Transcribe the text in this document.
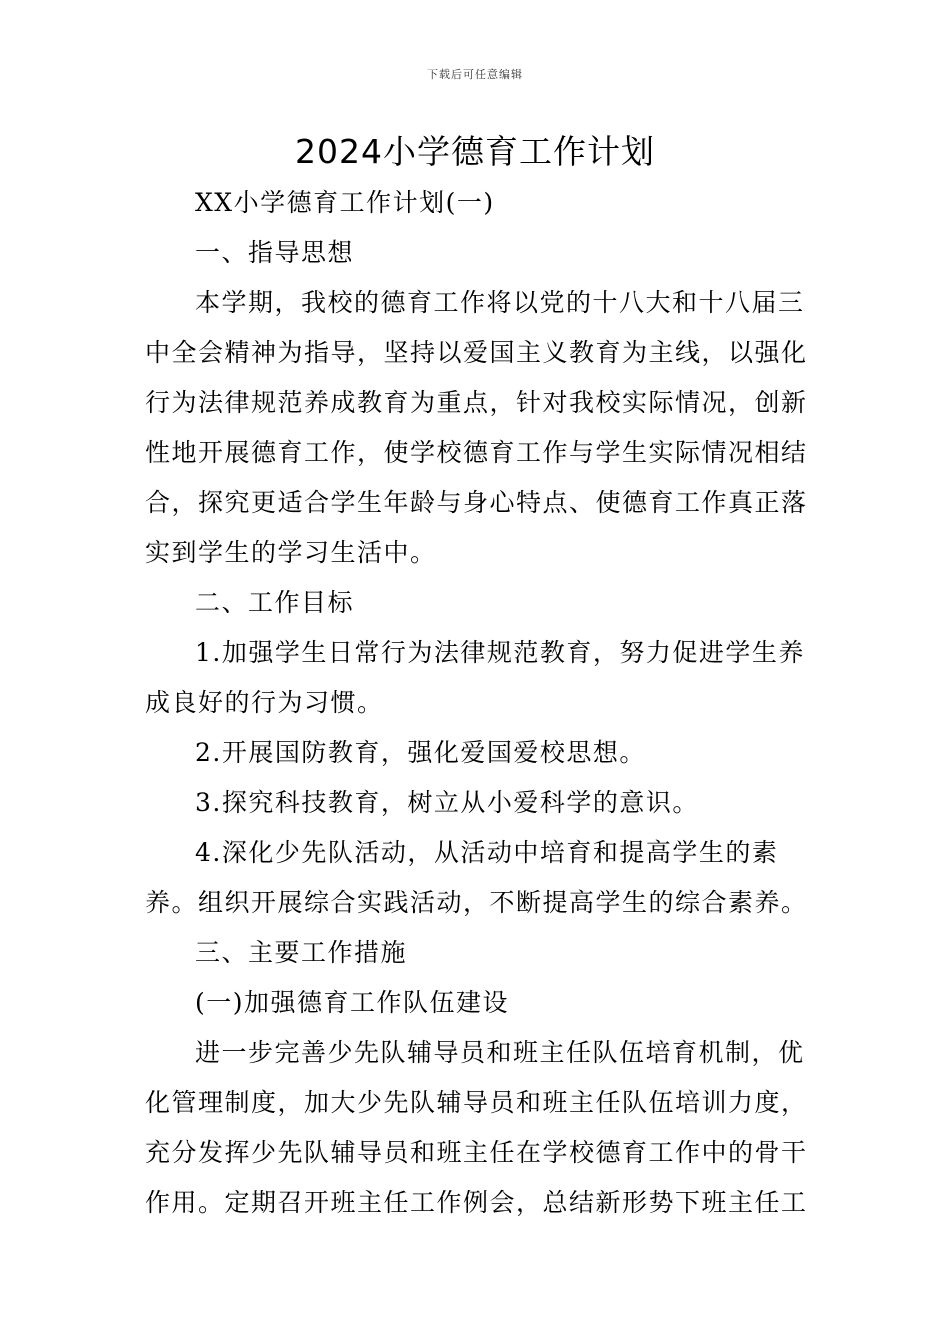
下载后可任意编辑
2024小学德育工作计划

XX小学德育工作计划(一)

一、指导思想

本学期，我校的德育工作将以党的十八大和十八届三中全会精神为指导，坚持以爱国主义教育为主线，以强化行为法律规范养成教育为重点，针对我校实际情况，创新性地开展德育工作，使学校德育工作与学生实际情况相结合，探究更适合学生年龄与身心特点、使德育工作真正落实到学生的学习生活中。

二、工作目标

1.加强学生日常行为法律规范教育，努力促进学生养成良好的行为习惯。

2.开展国防教育，强化爱国爱校思想。

3.探究科技教育，树立从小爱科学的意识。

4.深化少先队活动，从活动中培育和提高学生的素养。组织开展综合实践活动，不断提高学生的综合素养。

三、主要工作措施

(一)加强德育工作队伍建设

进一步完善少先队辅导员和班主任队伍培育机制，优化管理制度，加大少先队辅导员和班主任队伍培训力度，充分发挥少先队辅导员和班主任在学校德育工作中的骨干作用。定期召开班主任工作例会，总结新形势下班主任工
